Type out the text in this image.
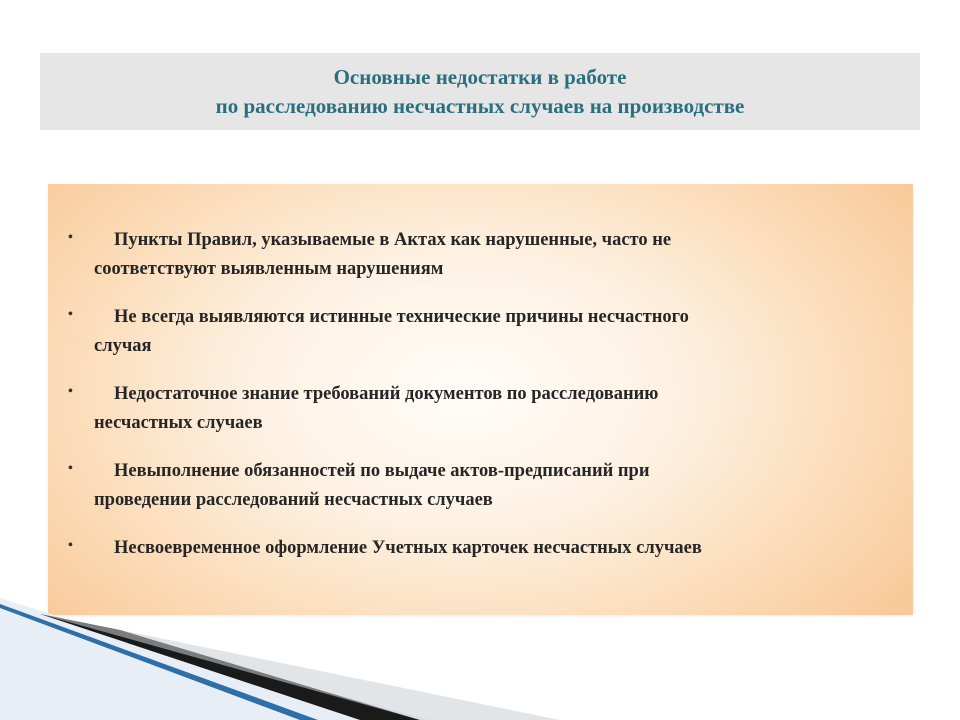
Основные недостатки в работе
по расследованию несчастных случаев на производстве
•	Пункты Правил, указываемые в Актах как нарушенные, часто не
соответствуют выявленным нарушениям
•	Не всегда выявляются истинные технические причины несчастного
случая
•	Недостаточное знание требований документов по расследованию
несчастных случаев
•	Невыполнение обязанностей по выдаче актов-предписаний при
проведении расследований несчастных случаев
•	Несвоевременное оформление Учетных карточек несчастных случаев
